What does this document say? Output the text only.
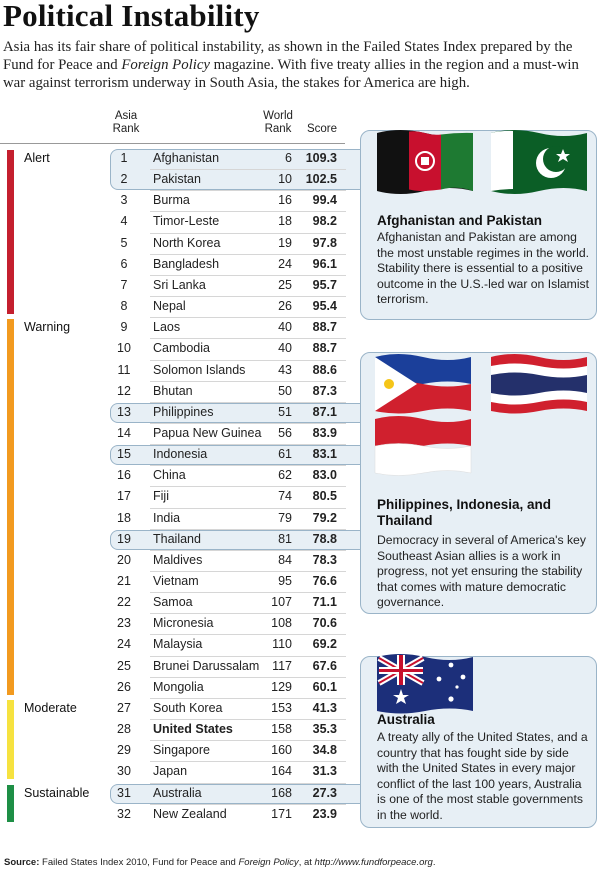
Political Instability
Asia has its fair share of political instability, as shown in the Failed States Index prepared by the Fund for Peace and Foreign Policy magazine. With five treaty allies in the region and a must-win war against terrorism underway in South Asia, the stakes for America are high.
Asia
Rank
World
Rank	Score
Alert
Warning
Moderate
Sustainable
1	Afghanistan	6	109.3
2	Pakistan	10	102.5
3	Burma	16	99.4
4	Timor-Leste	18	98.2
5	North Korea	19	97.8
6	Bangladesh	24	96.1
7	Sri Lanka	25	95.7
8	Nepal	26	95.4
9	Laos	40	88.7
10	Cambodia	40	88.7
11	Solomon Islands	43	88.6
12	Bhutan	50	87.3
13	Philippines	51	87.1
14	Papua New Guinea	56	83.9
15	Indonesia	61	83.1
16	China	62	83.0
17	Fiji	74	80.5
18	India	79	79.2
19	Thailand	81	78.8
20	Maldives	84	78.3
21	Vietnam	95	76.6
22	Samoa	107	71.1
23	Micronesia	108	70.6
24	Malaysia	110	69.2
25	Brunei Darussalam	117	67.6
26	Mongolia	129	60.1
27	South Korea	153	41.3
28	United States	158	35.3
29	Singapore	160	34.8
30	Japan	164	31.3
31	Australia	168	27.3
32	New Zealand	171	23.9
Afghanistan and Pakistan

Afghanistan and Pakistan are among the most unstable regimes in the world. Stability there is essential to a positive outcome in the U.S.-led war on Islamist terrorism.

Philippines, Indonesia, and Thailand

Democracy in several of America's key Southeast Asian allies is a work in progress, not yet ensuring the stability that comes with mature democratic governance.

Australia

A treaty ally of the United States, and a country that has fought side by side with the United States in every major conflict of the last 100 years, Australia is one of the most stable governments in the world.

Source: Failed States Index 2010, Fund for Peace and Foreign Policy, at http://www.fundforpeace.org.
